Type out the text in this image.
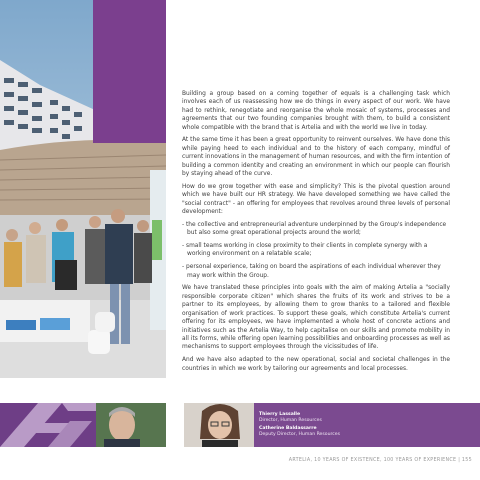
Building a group based on a coming together of equals is a challenging task which involves each of us reassessing how we do things in every aspect of our work. We have had to rethink, renegotiate and reorganise the whole mosaic of systems, processes and agreements that our two founding companies brought with them, to build a consistent whole compatible with the brand that is Artelia and with the world we live in today.

At the same time it has been a great opportunity to reinvent ourselves. We have done this while paying heed to each individual and to the history of each company, mindful of current innovations in the management of human resources, and with the firm intention of building a common identity and creating an environment in which our people can flourish by staying ahead of the curve.

How do we grow together with ease and simplicity? This is the pivotal question around which we have built our HR strategy. We have developed something we have called the "social contract" - an offering for employees that revolves around three levels of personal development:

- the collective and entrepreneurial adventure underpinned by the Group's independence but also some great operational projects around the world;

- small teams working in close proximity to their clients in complete synergy with a working environment on a relatable scale;

- personal experience, taking on board the aspirations of each individual wherever they may work within the Group.

We have translated these principles into goals with the aim of making Artelia a "socially responsible corporate citizen" which shares the fruits of its work and strives to be a partner to its employees, by allowing them to grow thanks to a tailored and flexible organisation of work practices. To support these goals, which constitute Artelia's current offering for its employees, we have implemented a whole host of concrete actions and initiatives such as the Artelia Way, to help capitalise on our skills and promote mobility in all its forms, while offering open learning possibilities and onboarding processes as well as mechanisms to support employees through the vicissitudes of life.

And we have also adapted to the new operational, social and societal challenges in the countries in which we work by tailoring our agreements and local processes.

Thierry Lassalle
Director, Human Resources
Catherine Baldassarre
Deputy Director, Human Resources
ARTELIA, 10 YEARS OF EXISTENCE, 100 YEARS OF EXPERIENCE | 155
